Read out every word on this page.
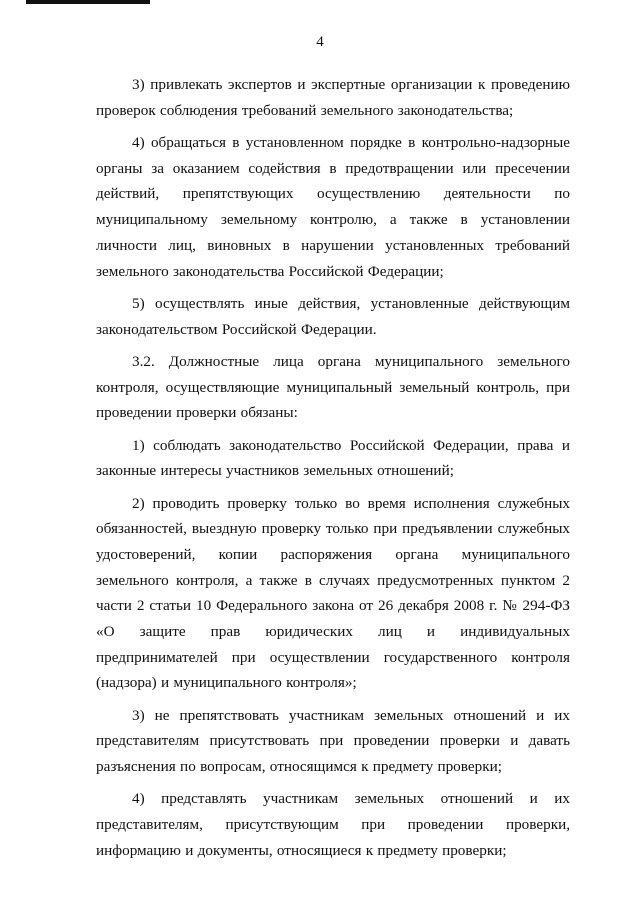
4

3) привлекать экспертов и экспертные организации к проведению проверок соблюдения требований земельного законодательства;

4) обращаться в установленном порядке в контрольно-надзорные органы за оказанием содействия в предотвращении или пресечении действий, препятствующих осуществлению деятельности по муниципальному земельному контролю, а также в установлении личности лиц, виновных в нарушении установленных требований земельного законодательства Российской Федерации;

5) осуществлять иные действия, установленные действующим законодательством Российской Федерации.

3.2. Должностные лица органа муниципального земельного контроля, осуществляющие муниципальный земельный контроль, при проведении проверки обязаны:

1) соблюдать законодательство Российской Федерации, права и законные интересы участников земельных отношений;

2) проводить проверку только во время исполнения служебных обязанностей, выездную проверку только при предъявлении служебных удостоверений, копии распоряжения органа муниципального земельного контроля, а также в случаях предусмотренных пунктом 2 части 2 статьи 10 Федерального закона от 26 декабря 2008 г. № 294-ФЗ «О защите прав юридических лиц и индивидуальных предпринимателей при осуществлении государственного контроля (надзора) и муниципального контроля»;

3) не препятствовать участникам земельных отношений и их представителям присутствовать при проведении проверки и давать разъяснения по вопросам, относящимся к предмету проверки;

4) представлять участникам земельных отношений и их представителям, присутствующим при проведении проверки, информацию и документы, относящиеся к предмету проверки;
